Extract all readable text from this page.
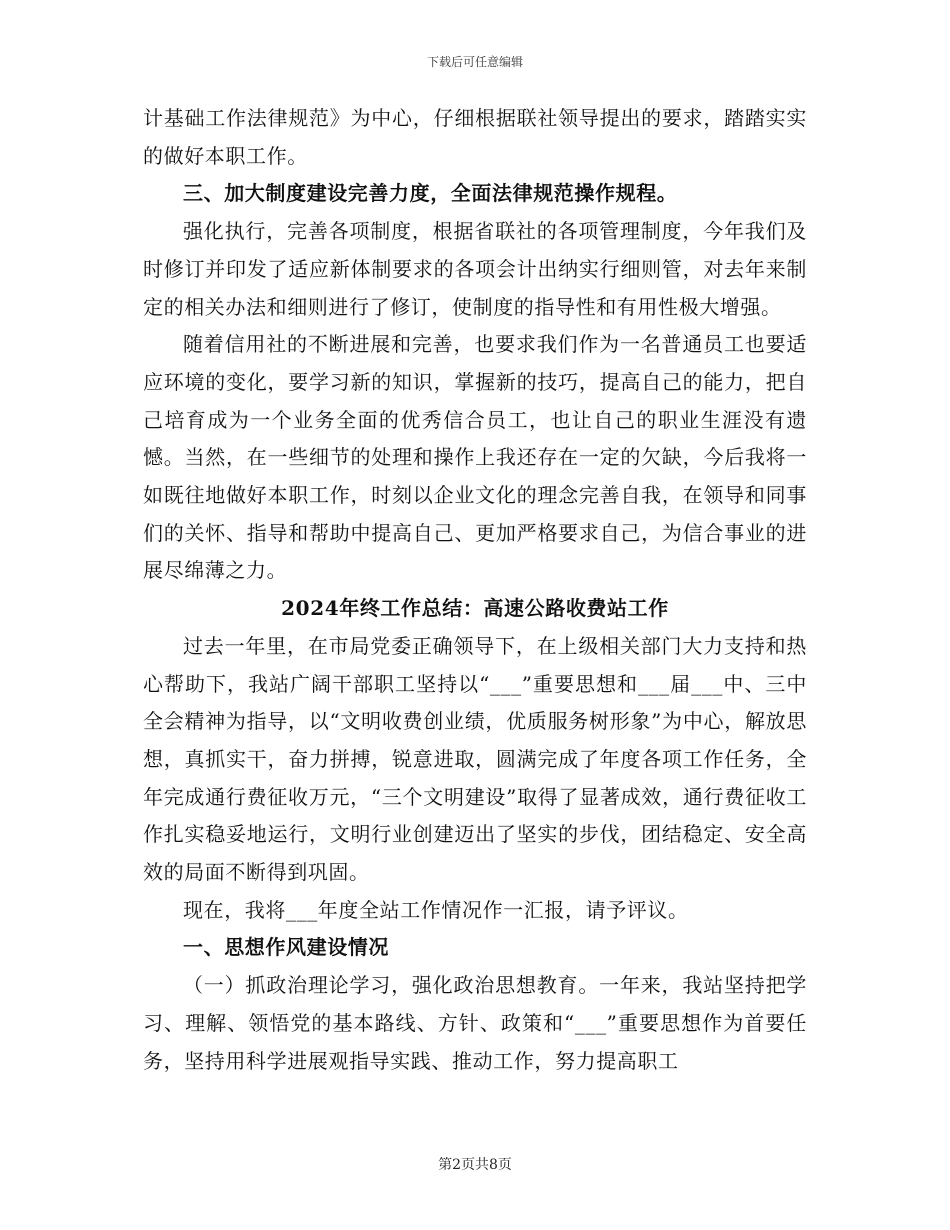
下载后可任意编辑

计基础工作法律规范》为中心，仔细根据联社领导提出的要求，踏踏实实的做好本职工作。

三、加大制度建设完善力度，全面法律规范操作规程。

强化执行，完善各项制度，根据省联社的各项管理制度，今年我们及时修订并印发了适应新体制要求的各项会计出纳实行细则管，对去年来制定的相关办法和细则进行了修订，使制度的指导性和有用性极大增强。

随着信用社的不断进展和完善，也要求我们作为一名普通员工也要适应环境的变化，要学习新的知识，掌握新的技巧，提高自己的能力，把自己培育成为一个业务全面的优秀信合员工，也让自己的职业生涯没有遗憾。当然，在一些细节的处理和操作上我还存在一定的欠缺，今后我将一如既往地做好本职工作，时刻以企业文化的理念完善自我，在领导和同事们的关怀、指导和帮助中提高自己、更加严格要求自己，为信合事业的进展尽绵薄之力。

2024年终工作总结：高速公路收费站工作

过去一年里，在市局党委正确领导下，在上级相关部门大力支持和热心帮助下，我站广阔干部职工坚持以“___”重要思想和___届___中、三中全会精神为指导，以“文明收费创业绩，优质服务树形象”为中心，解放思想，真抓实干，奋力拼搏，锐意进取，圆满完成了年度各项工作任务，全年完成通行费征收万元，“三个文明建设”取得了显著成效，通行费征收工作扎实稳妥地运行，文明行业创建迈出了坚实的步伐，团结稳定、安全高效的局面不断得到巩固。

现在，我将___年度全站工作情况作一汇报，请予评议。

一、思想作风建设情况

（一）抓政治理论学习，强化政治思想教育。一年来，我站坚持把学习、理解、领悟党的基本路线、方针、政策和“___”重要思想作为首要任务，坚持用科学进展观指导实践、推动工作，努力提高职工

第2页共8页
